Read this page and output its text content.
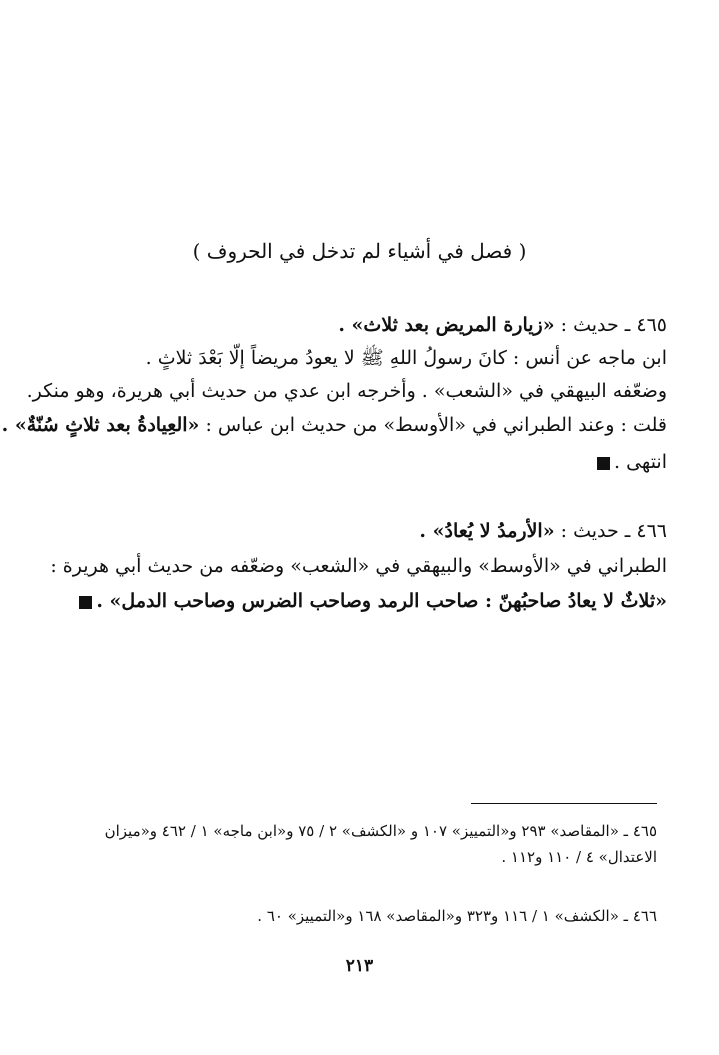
( فصل في أشياء لم تدخل في الحروف )
٤٦٥ ـ حديث : «زيارة المريض بعد ثلاث» .
ابن ماجه عن أنس : كانَ رسولُ اللهِ ﷺ لا يعودُ مريضاً إلّا بَعْدَ ثلاثٍ .
وضعّفه البيهقي في «الشعب» . وأخرجه ابن عدي من حديث أبي هريرة، وهو منكر.
قلت : وعند الطبراني في «الأوسط» من حديث ابن عباس : «العِيادةُ بعد ثلاثٍ سُنّةٌ» .
انتهى .
٤٦٦ ـ حديث : «الأرمدُ لا يُعادُ» .
الطبراني في «الأوسط» والبيهقي في «الشعب» وضعّفه من حديث أبي هريرة :
«ثلاثٌ لا يعادُ صاحبُهنّ : صاحب الرمد وصاحب الضرس وصاحب الدمل» .
٤٦٥ ـ «المقاصد» ٢٩٣ و«التمييز» ١٠٧ و «الكشف» ٢ / ٧٥ و«ابن ماجه» ١ / ٤٦٢ و«ميزان
الاعتدال» ٤ / ١١٠ و١١٢ .
٤٦٦ ـ «الكشف» ١ / ١١٦ و٣٢٣ و«المقاصد» ١٦٨ و«التمييز» ٦٠ .
٢١٣
